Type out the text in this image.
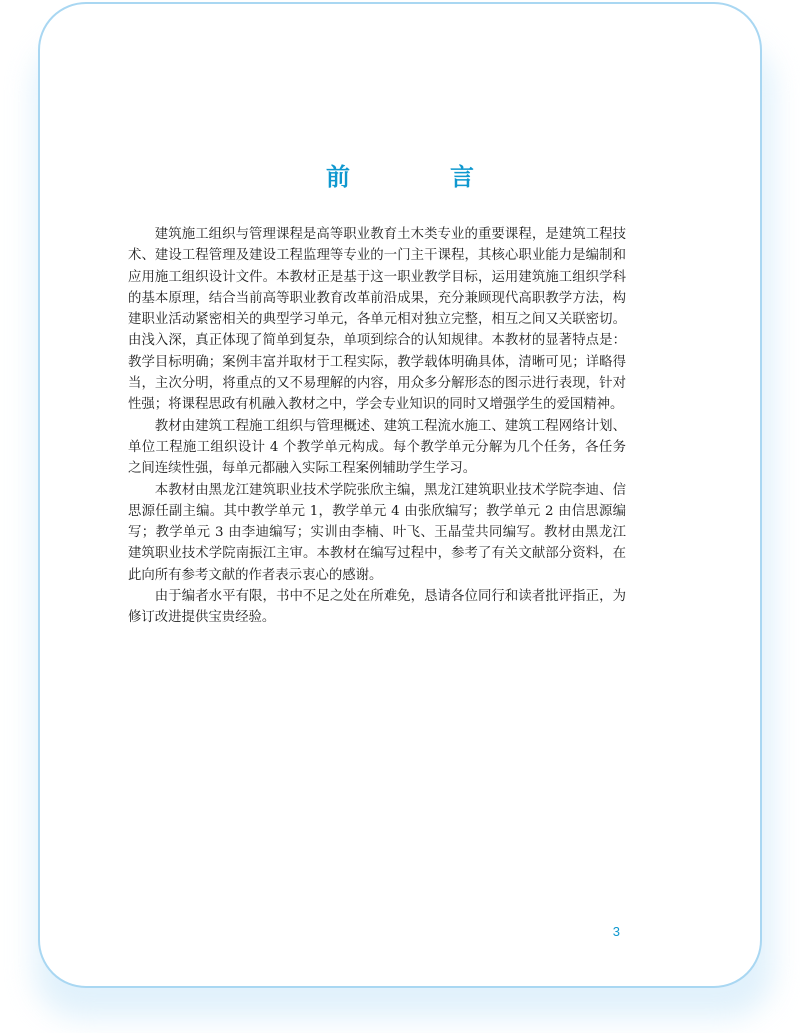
前　言

建筑施工组织与管理课程是高等职业教育土木类专业的重要课程，是建筑工程技术、建设工程管理及建设工程监理等专业的一门主干课程，其核心职业能力是编制和应用施工组织设计文件。本教材正是基于这一职业教学目标，运用建筑施工组织学科的基本原理，结合当前高等职业教育改革前沿成果，充分兼顾现代高职教学方法，构建职业活动紧密相关的典型学习单元，各单元相对独立完整，相互之间又关联密切。由浅入深，真正体现了简单到复杂，单项到综合的认知规律。本教材的显著特点是：教学目标明确；案例丰富并取材于工程实际，教学载体明确具体，清晰可见；详略得当，主次分明，将重点的又不易理解的内容，用众多分解形态的图示进行表现，针对性强；将课程思政有机融入教材之中，学会专业知识的同时又增强学生的爱国精神。

教材由建筑工程施工组织与管理概述、建筑工程流水施工、建筑工程网络计划、单位工程施工组织设计 4 个教学单元构成。每个教学单元分解为几个任务，各任务之间连续性强，每单元都融入实际工程案例辅助学生学习。

本教材由黑龙江建筑职业技术学院张欣主编，黑龙江建筑职业技术学院李迪、信思源任副主编。其中教学单元 1，教学单元 4 由张欣编写；教学单元 2 由信思源编写；教学单元 3 由李迪编写；实训由李楠、叶飞、王晶莹共同编写。教材由黑龙江建筑职业技术学院南振江主审。本教材在编写过程中，参考了有关文献部分资料，在此向所有参考文献的作者表示衷心的感谢。

由于编者水平有限，书中不足之处在所难免，恳请各位同行和读者批评指正，为修订改进提供宝贵经验。

3
